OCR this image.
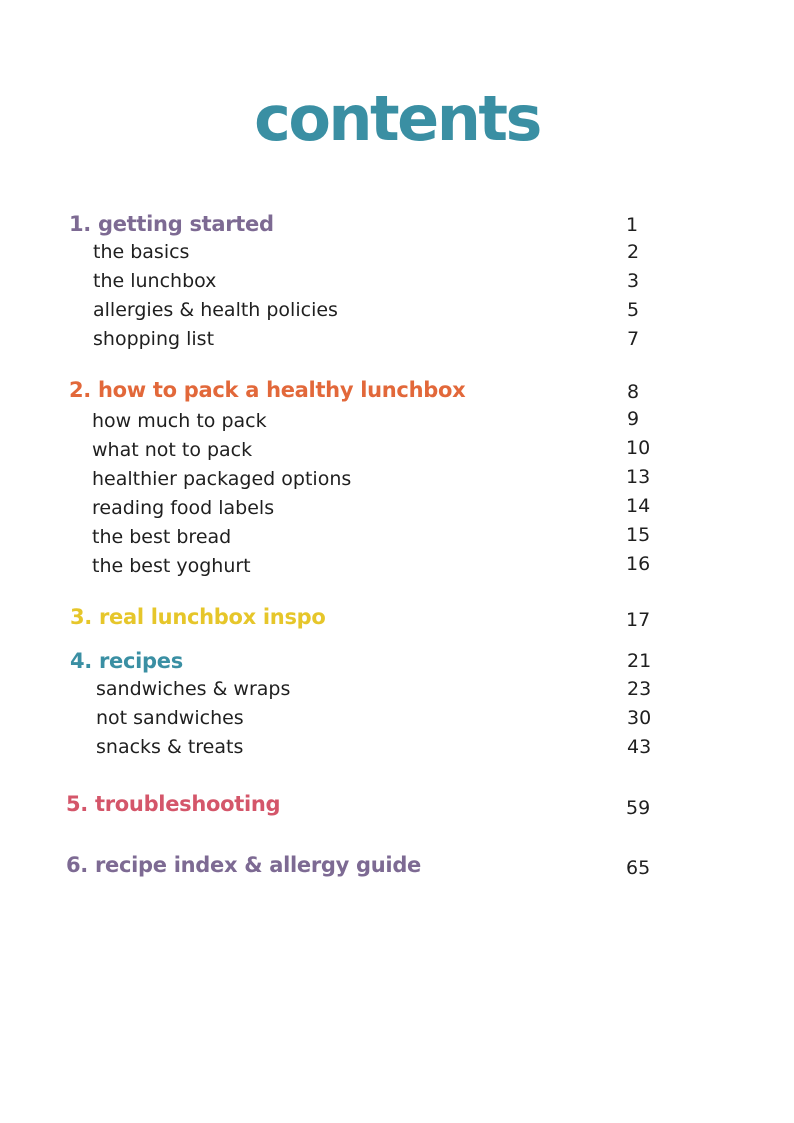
contents
1. getting started	1
the basics	2
the lunchbox	3
allergies & health policies	5
shopping list	7
2. how to pack a healthy lunchbox	8
how much to pack	9
what not to pack	10
healthier packaged options	13
reading food labels	14
the best bread	15
the best yoghurt	16
3. real lunchbox inspo	17
4. recipes	21
sandwiches & wraps	23
not sandwiches	30
snacks & treats	43
5. troubleshooting	59
6. recipe index & allergy guide	65
